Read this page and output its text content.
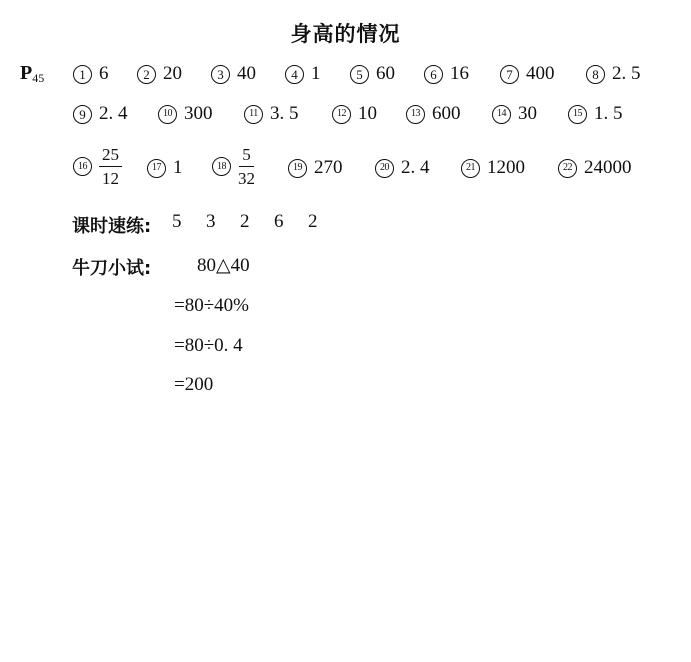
身高的情况
$P_{45}$	1 6	2 20	3 40	4 1	5 60	6 16	7 400	8 2. 5
9 2. 4	10 300	11 3. 5	12 10	13 600	14 30	15 1. 5
$16 \frac{25}{12}$	17 1	$18 \frac{5}{32}$	19 270	20 2. 4	21 1200	22 24000
课时速练: 5 3 2 6 2
牛刀小试: 80△40
=80÷40%
=80÷0. 4
=200
